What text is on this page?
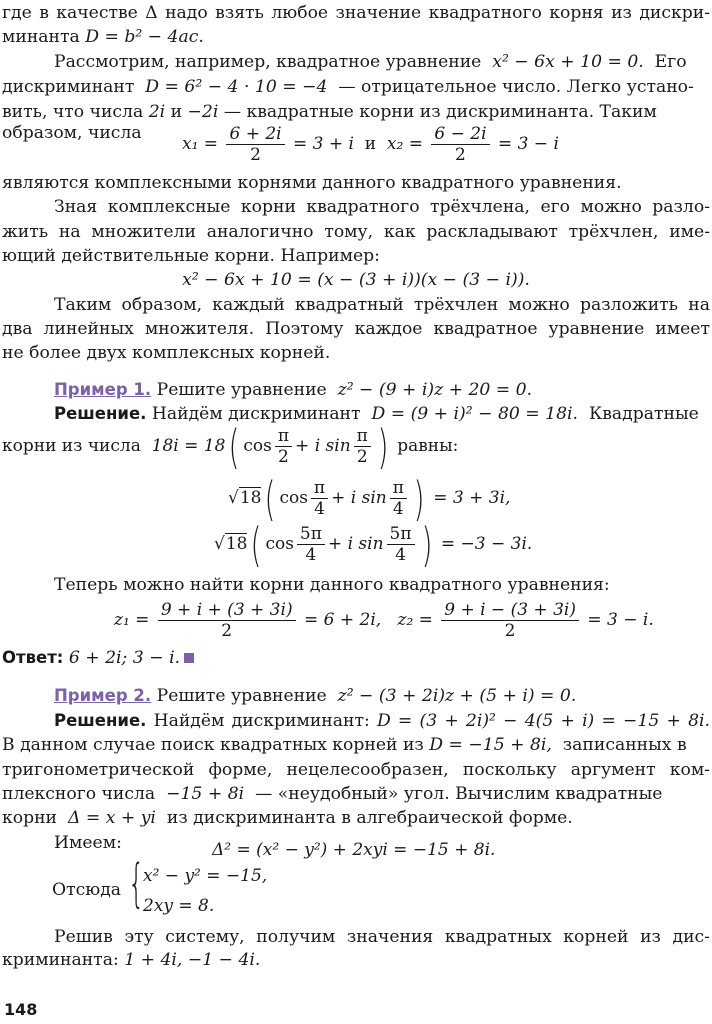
где в качестве Δ надо взять любое значение квадратного корня из дискри-
минанта D = b² − 4ac.
Рассмотрим, например, квадратное уравнение x² − 6x + 10 = 0. Его
дискриминант D = 6² − 4 · 10 = −4 — отрицательное число. Легко устано-
вить, что числа 2i и −2i — квадратные корни из дискриминанта. Таким
образом, числа
$x_1 = \frac{6 + 2i}{2} = 3 + i$ и $x_2 = \frac{6 - 2i}{2} = 3 - i$
являются комплексными корнями данного квадратного уравнения.
Зная комплексные корни квадратного трёхчлена, его можно разло-
жить на множители аналогично тому, как раскладывают трёхчлен, име-
ющий действительные корни. Например:
x² − 6x + 10 = (x − (3 + i))(x − (3 − i)).
Таким образом, каждый квадратный трёхчлен можно разложить на
два линейных множителя. Поэтому каждое квадратное уравнение имеет
не более двух комплексных корней.
Пример 1. Решите уравнение z² − (9 + i)z + 20 = 0.
Решение. Найдём дискриминант D = (9 + i)² − 80 = 18i. Квадратные
корни из числа 18i = 18( $\cos \frac{\pi}{2} + i$ $\sin \frac{\pi}{2}$ ) равны:
√18( $\cos \frac{\pi}{4} + i$ $\sin \frac{\pi}{4}$ ) = 3 + 3i,
√18( $\cos \frac{5\pi}{4} + i$ $\sin \frac{5\pi}{4}$ ) = −3 − 3i.
Теперь можно найти корни данного квадратного уравнения:
$z_1 = \frac{9 + i + (3 + 3i)}{2} = 6 + 2i$, $z_2 = \frac{9 + i - (3 + 3i)}{2} = 3 - i$.
Ответ: 6 + 2i; 3 − i.
Пример 2. Решите уравнение z² − (3 + 2i)z + (5 + i) = 0.
Решение. Найдём дискриминант: D = (3 + 2i)² − 4(5 + i) = −15 + 8i.
В данном случае поиск квадратных корней из D = −15 + 8i, записанных в
тригонометрической форме, нецелесообразен, поскольку аргумент ком-
плексного числа −15 + 8i — «неудобный» угол. Вычислим квадратные
корни Δ = x + yi из дискриминанта в алгебраической форме.
Имеем:	Δ² = (x² − y²) + 2xyi = −15 + 8i.
Отсюда {
x² − y² = −15,
2xy = 8.
Решив эту систему, получим значения квадратных корней из дис-
криминанта: 1 + 4i, −1 − 4i.
148
